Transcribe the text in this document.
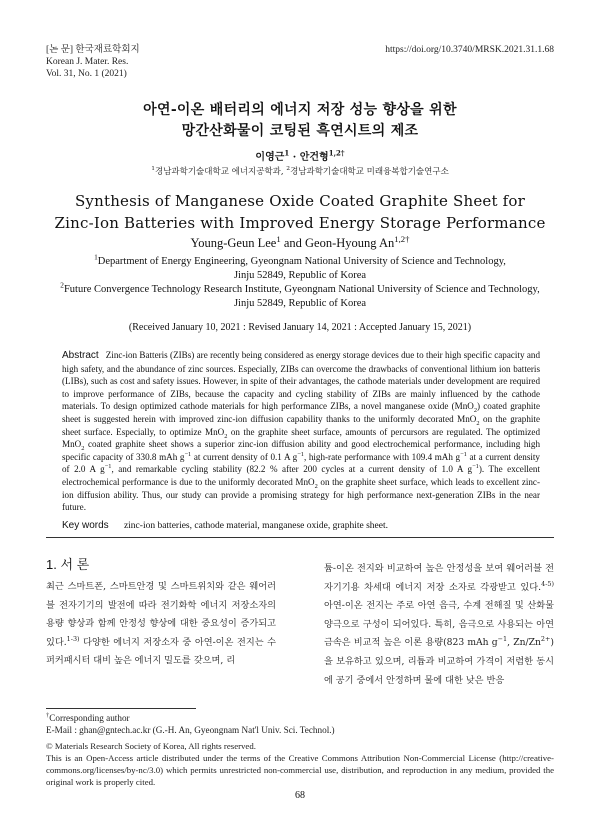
[논 문] 한국재료학회지
Korean J. Mater. Res.
Vol. 31, No. 1 (2021)
https://doi.org/10.3740/MRSK.2021.31.1.68
아연-이온 배터리의 에너지 저장 성능 향상을 위한
망간산화물이 코팅된 흑연시트의 제조
이영근$^1$ · 안건형$^{1,2\dagger}$
$^1$경남과학기술대학교 에너지공학과, $^2$경남과학기술대학교 미래융복합기술연구소
Synthesis of Manganese Oxide Coated Graphite Sheet for
Zinc-Ion Batteries with Improved Energy Storage Performance
Young-Geun Lee$^1$ and Geon-Hyoung $An^{1,2\dagger}$
$^1$Department of Energy Engineering, Gyeongnam National University of Science and Technology,
Jinju 52849, Republic of Korea
$^2$Future Convergence Technology Research Institute, Gyeongnam National University of Science and Technology,
Jinju 52849, Republic of Korea
(Received January 10, 2021 : Revised January 14, 2021 : Accepted January 15, 2021)
Abstract Zinc-ion Batteris (ZIBs) are recently being considered as energy storage devices due to their high specific capacity and high safety, and the abundance of zinc sources. Especially, ZIBs can overcome the drawbacks of conventional lithium ion batteris (LIBs), such as cost and safety issues. However, in spite of their advantages, the cathode materials under development are required to improve performance of ZIBs, because the capacity and cycling stability of ZIBs are mainly influenced by the cathode materials. To design optimized cathode materials for high performance ZIBs, a novel manganese oxide (MnO$_2$) coated graphite sheet is suggested herein with improved zinc-ion diffusion capability thanks to the uniformly decorated MnO$_2$ on the graphite sheet surface. Especially, to optimize MnO$_2$ on the graphite sheet surface, amounts of percursors are regulated. The optimized MnO$_2$ coated graphite sheet shows a superior zinc-ion diffusion ability and good electrochemical performance, including high specific capacity of 330.8 mAh $g^{-1}$ at current density of 0.1 A $g^{-1}$, high-rate performance with 109.4 mAh $g^{-1}$ at a current density of 2.0 A $g^{-1}$, and remarkable cycling stability (82.2 % after 200 cycles at a current density of 1.0 A $g^{-1}$). The excellent electrochemical performance is due to the uniformly decorated MnO$_2$ on the graphite sheet surface, which leads to excellent zinc-ion diffusion ability. Thus, our study can provide a promising strategy for high performance next-generation ZIBs in the near future.
Key words zinc-ion batteries, cathode material, manganese oxide, graphite sheet.
1. 서 론
최근 스마트폰, 스마트안경 및 스마트위치와 같은 웨어러블 전자기기의 발전에 따라 전기화학 에너지 저장소자의 용량 향상과 함께 안정성 향상에 대한 중요성이 증가되고 있다.$^{1-3)}$ 다양한 에너지 저장소자 중 아연-이온 전지는 수퍼커패시터 대비 높은 에너지 밀도를 갖으며, 리
튬-이온 전지와 비교하여 높은 안정성을 보여 웨어러블 전자기기용 차세대 에너지 저장 소자로 각광받고 있다.$^{4-5)}$ 아연-이온 전지는 주로 아연 음극, 수계 전해질 및 산화물 양극으로 구성이 되어있다. 특히, 음극으로 사용되는 아연 금속은 비교적 높은 이론 용량(823 mAh $g^{-1}$, $Zn/Zn^{2+}$)을 보유하고 있으며, 리튬과 비교하여 가격이 저렴한 동시에 공기 중에서 안정하며 물에 대한 낮은 반응
†Corresponding author
E-Mail : ghan@gntech.ac.kr (G.-H. An, Gyeongnam Nat'l Univ. Sci. Technol.)
© Materials Research Society of Korea, All rights reserved.
This is an Open-Access article distributed under the terms of the Creative Commons Attribution Non-Commercial License (http://creative-commons.org/licenses/by-nc/3.0) which permits unrestricted non-commercial use, distribution, and reproduction in any medium, provided the original work is properly cited.
68
